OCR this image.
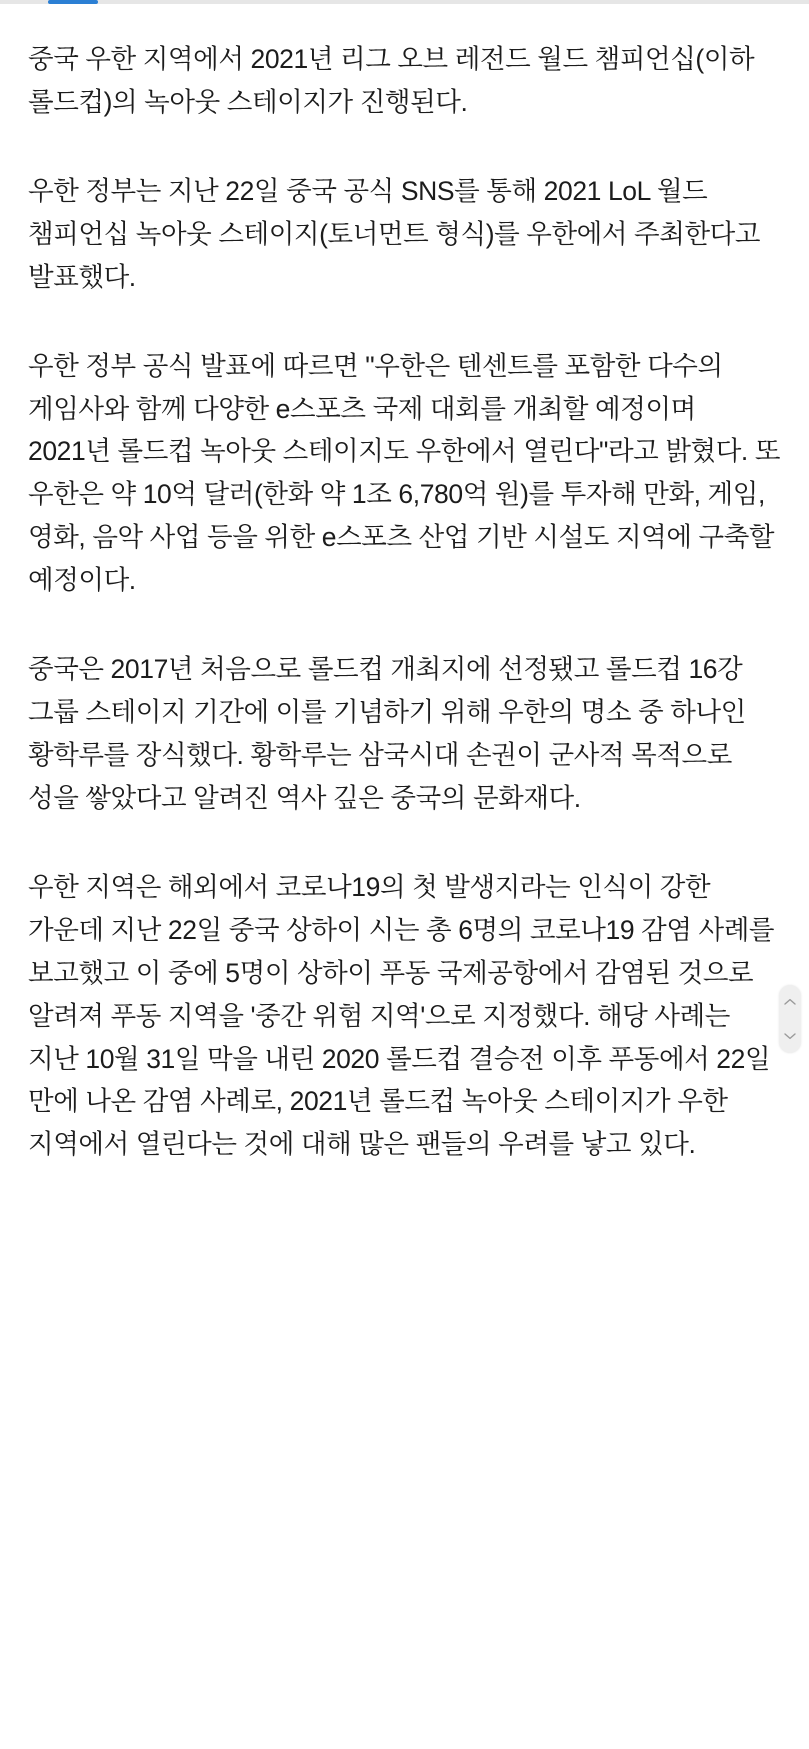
중국 우한 지역에서 2021년 리그 오브 레전드 월드 챔피언십(이하 롤드컵)의 녹아웃 스테이지가 진행된다.

우한 정부는 지난 22일 중국 공식 SNS를 통해 2021 LoL 월드 챔피언십 녹아웃 스테이지(토너먼트 형식)를 우한에서 주최한다고 발표했다.

우한 정부 공식 발표에 따르면 "우한은 텐센트를 포함한 다수의 게임사와 함께 다양한 e스포츠 국제 대회를 개최할 예정이며 2021년 롤드컵 녹아웃 스테이지도 우한에서 열린다"라고 밝혔다. 또 우한은 약 10억 달러(한화 약 1조 6,780억 원)를 투자해 만화, 게임, 영화, 음악 사업 등을 위한 e스포츠 산업 기반 시설도 지역에 구축할 예정이다.

중국은 2017년 처음으로 롤드컵 개최지에 선정됐고 롤드컵 16강 그룹 스테이지 기간에 이를 기념하기 위해 우한의 명소 중 하나인 황학루를 장식했다. 황학루는 삼국시대 손권이 군사적 목적으로 성을 쌓았다고 알려진 역사 깊은 중국의 문화재다.

우한 지역은 해외에서 코로나19의 첫 발생지라는 인식이 강한 가운데 지난 22일 중국 상하이 시는 총 6명의 코로나19 감염 사례를 보고했고 이 중에 5명이 상하이 푸동 국제공항에서 감염된 것으로 알려져 푸동 지역을 '중간 위험 지역'으로 지정했다. 해당 사례는 지난 10월 31일 막을 내린 2020 롤드컵 결승전 이후 푸동에서 22일 만에 나온 감염 사례로, 2021년 롤드컵 녹아웃 스테이지가 우한 지역에서 열린다는 것에 대해 많은 팬들의 우려를 낳고 있다.
